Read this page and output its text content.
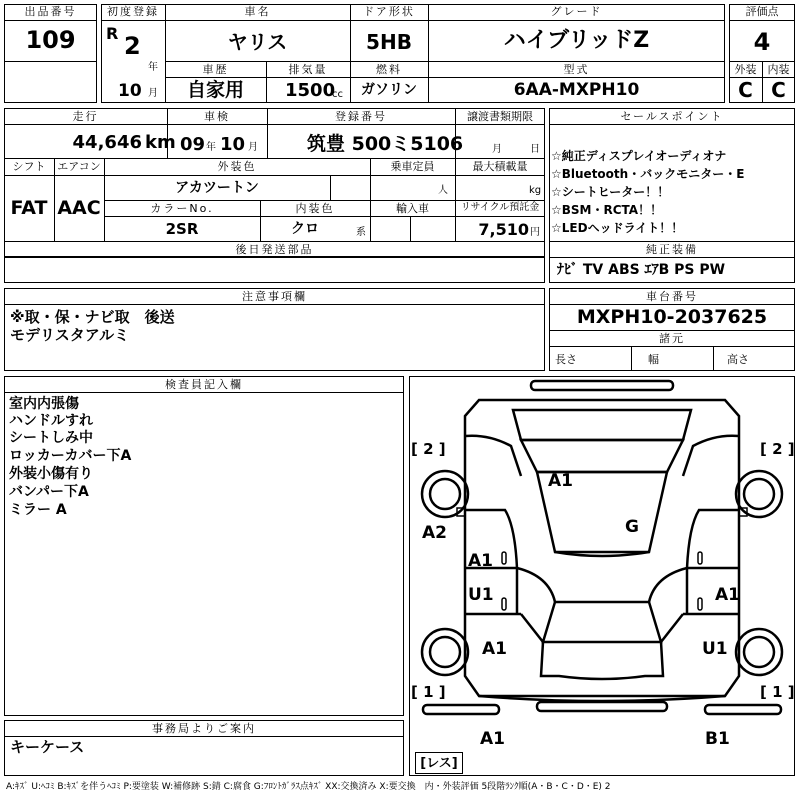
出品番号
109
初度登録
R 2
年
10 月
車名
ヤリス
ドア形状
5HB
グレード
ハイブリッドZ
車歴
自家用
排気量
1500
cc
燃料
ガソリン
型式
6AA-MXPH10
評価点
4
外装	内装
C C
走行
44,646 km
車検
09 年 10 月
登録番号
筑豊 500ミ5106
譲渡書類期限
月	日
シフト
FAT
エアコン
AAC
外装色
アカツートン
乗車定員
人
最大積載量
kg
カラーNo.
2SR
内装色
クロ	系
輸入車	リサイクル預託金
7,510 円
後日発送部品
セールスポイント
☆純正ディスプレイオーディオナ
☆Bluetooth・バックモニター・E
☆シートヒーター！！
☆BSM・RCTA！！
☆LEDヘッドライト！！
純正装備
ﾅﾋﾞ TV ABS ｴｱB PS PW
注意事項欄
※取・保・ナビ取　後送
モデリスタアルミ
車台番号
MXPH10-2037625
諸元
長さ	幅	高さ
検査員記入欄
室内内張傷
ハンドルすれ
シートしみ中
ロッカーカバー下A
外装小傷有り
バンパー下A
ミラー A
事務局よりご案内
キーケース
[ 2 ]	[ 2 ]
[ 1 ]	[ 1 ]
[レス]
A1
G
A2
A1
U1	A1
A1	U1
A1	B1
A:ｷｽﾞ U:ﾍｺﾐ B:ｷｽﾞを伴うﾍｺﾐ P:要塗装 W:補修跡 S:錆 C:腐食 G:ﾌﾛﾝﾄｶﾞﾗｽ点ｷｽﾞ XX:交換済み X:要交換　内・外装評価 5段階ﾗﾝｸ順(A・B・C・D・E) 2
